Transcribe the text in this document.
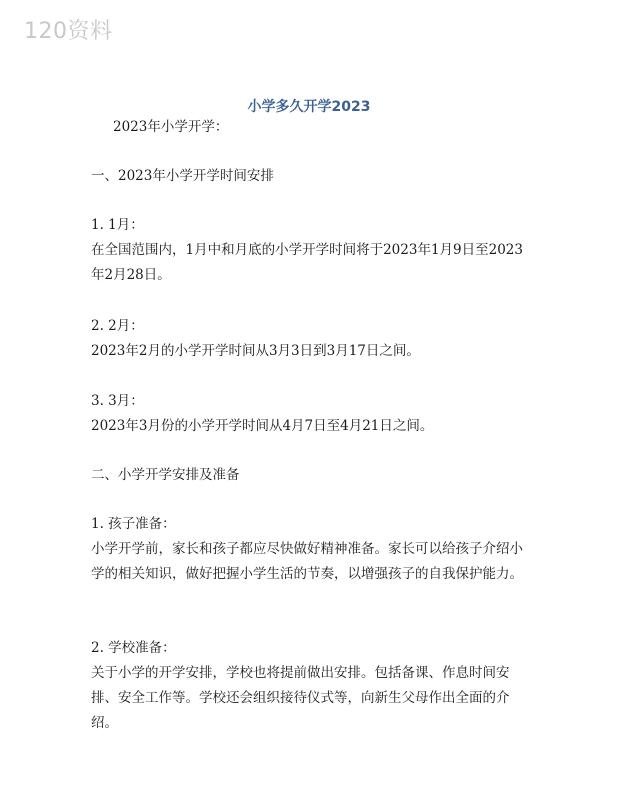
120资料
小学多久开学2023
2023年小学开学：
一、2023年小学开学时间安排
1. 1月：
在全国范围内，1月中和月底的小学开学时间将于2023年1月9日至2023年2月28日。
2. 2月：
2023年2月的小学开学时间从3月3日到3月17日之间。
3. 3月：
2023年3月份的小学开学时间从4月7日至4月21日之间。
二、小学开学安排及准备
1. 孩子准备：
小学开学前，家长和孩子都应尽快做好精神准备。家长可以给孩子介绍小学的相关知识，做好把握小学生活的节奏，以增强孩子的自我保护能力。
2. 学校准备：
关于小学的开学安排，学校也将提前做出安排。包括备课、作息时间安排、安全工作等。学校还会组织接待仪式等，向新生父母作出全面的介绍。
